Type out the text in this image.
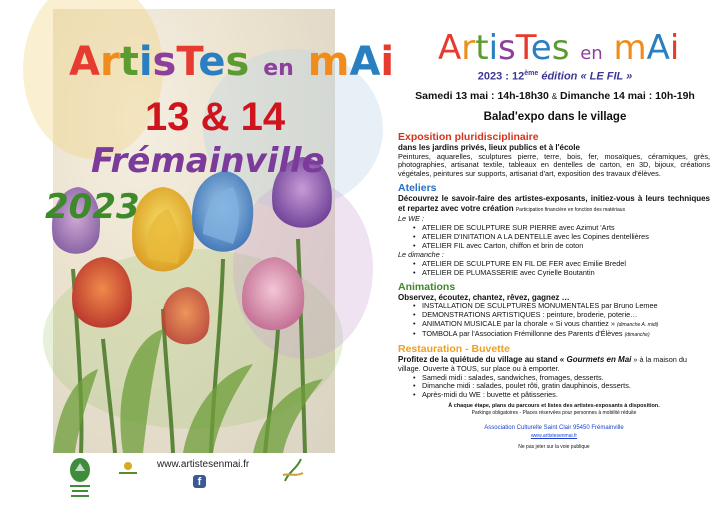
ArtisTes en mAi
13 & 14
Frémainville
2023
www.artistesenmai.fr
f
ArtisTes en mAi
2023 : 12ème édition « LE FIL »
Samedi 13 mai : 14h-18h30 & Dimanche 14 mai : 10h-19h
Balad'expo dans le village
Exposition pluridisciplinaire
dans les jardins privés, lieux publics et à l'école
Peintures, aquarelles, sculptures pierre, terre, bois, fer, mosaïques, céramiques, grès, photographies, artisanat textile, tableaux en dentelles de carton, en 3D, bijoux, créations végétales, peintures sur supports, artisanat d'art, exposition des travaux d'élèves.
Ateliers
Découvrez le savoir-faire des artistes-exposants, initiez-vous à leurs techniques et repartez avec votre création Participation financière en fonction des matériaux
Le WE :
• ATELIER DE SCULPTURE SUR PIERRE avec Azimut 'Arts
• ATELIER D'INITATION A LA DENTELLE avec les Copines dentellières
• ATELIER FIL avec Carton, chiffon et brin de coton
Le dimanche :
• ATELIER DE SCULPTURE EN FIL DE FER avec Emilie Bredel
• ATELIER DE PLUMASSERIE avec Cyrielle Boutantin
Animations
Observez, écoutez, chantez, rêvez, gagnez …
• INSTALLATION DE SCULPTURES MONUMENTALES par Bruno Lemee
• DEMONSTRATIONS ARTISTIQUES : peinture, broderie, poterie…
• ANIMATION MUSICALE par la chorale « Si vous chantiez » (dimanche A. midi)
• TOMBOLA par l'Association Frémillonne des Parents d'Élèves (dimanche)
Restauration - Buvette
Profitez de la quiétude du village au stand « Gourmets en Mai » à la maison du village. Ouverte à TOUS, sur place ou à emporter.
• Samedi midi : salades, sandwiches, fromages, desserts.
• Dimanche midi : salades, poulet rôti, gratin dauphinois, desserts.
• Après-midi du WE : buvette et pâtisseries.
À chaque étape, plans du parcours et listes des artistes-exposants à disposition.
Parkings obligatoires - Places réservées pour personnes à mobilité réduite
Association Culturelle Saint Clair 95450 Frémainville
www.artistesenmai.fr
Ne pas jeter sur la voie publique
